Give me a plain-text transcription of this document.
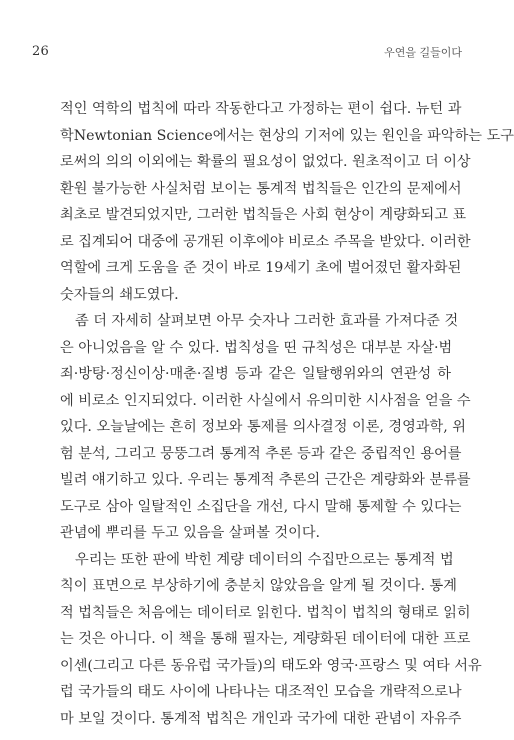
26	우연을 길들이다
적인 역학의 법칙에 따라 작동한다고 가정하는 편이 쉽다. 뉴턴 과
학Newtonian Science에서는 현상의 기저에 있는 원인을 파악하는 도구
로써의 의의 이외에는 확률의 필요성이 없었다. 원초적이고 더 이상
환원 불가능한 사실처럼 보이는 통계적 법칙들은 인간의 문제에서
최초로 발견되었지만, 그러한 법칙들은 사회 현상이 계량화되고 표
로 집계되어 대중에 공개된 이후에야 비로소 주목을 받았다. 이러한
역할에 크게 도움을 준 것이 바로 19세기 초에 벌어졌던 활자화된
숫자들의 쇄도였다.
좀 더 자세히 살펴보면 아무 숫자나 그러한 효과를 가져다준 것
은 아니었음을 알 수 있다. 법칙성을 띤 규칙성은 대부분 자살·범
죄·방탕·정신이상·매춘·질병 등과 같은 일탈행위와의 연관성 하
에 비로소 인지되었다. 이러한 사실에서 유의미한 시사점을 얻을 수
있다. 오늘날에는 흔히 정보와 통제를 의사결정 이론, 경영과학, 위
험 분석, 그리고 뭉뚱그려 통계적 추론 등과 같은 중립적인 용어를
빌려 얘기하고 있다. 우리는 통계적 추론의 근간은 계량화와 분류를
도구로 삼아 일탈적인 소집단을 개선, 다시 말해 통제할 수 있다는
관념에 뿌리를 두고 있음을 살펴볼 것이다.
우리는 또한 판에 박힌 계량 데이터의 수집만으로는 통계적 법
칙이 표면으로 부상하기에 충분치 않았음을 알게 될 것이다. 통계
적 법칙들은 처음에는 데이터로 읽힌다. 법칙이 법칙의 형태로 읽히
는 것은 아니다. 이 책을 통해 필자는, 계량화된 데이터에 대한 프로
이센(그리고 다른 동유럽 국가들)의 태도와 영국·프랑스 및 여타 서유
럽 국가들의 태도 사이에 나타나는 대조적인 모습을 개략적으로나
마 보일 것이다. 통계적 법칙은 개인과 국가에 대한 관념이 자유주
